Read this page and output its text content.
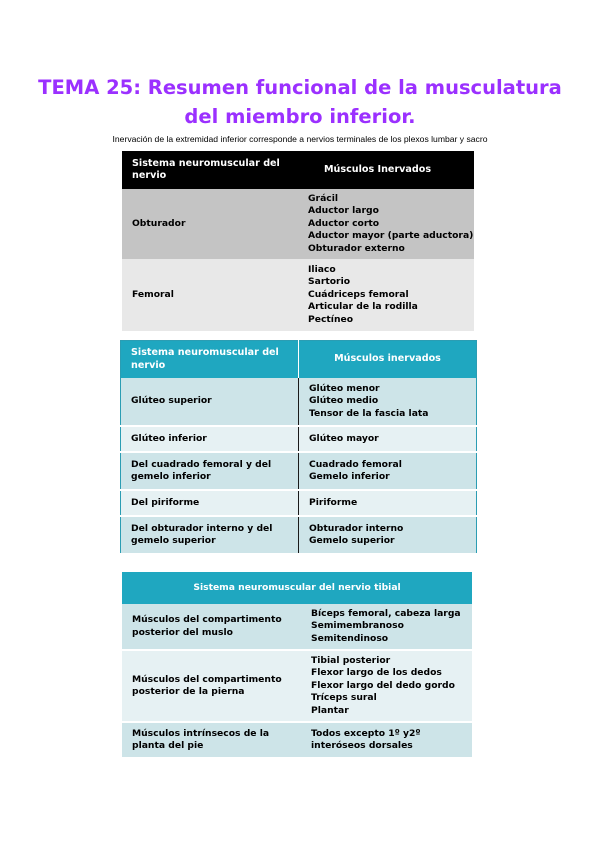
TEMA 25: Resumen funcional de la musculatura
del miembro inferior.

Inervación de la extremidad inferior corresponde a nervios terminales de los plexos lumbar y sacro

Sistema neuromuscular del nervio	Músculos Inervados
Obturador	Grácil
Aductor largo
Aductor corto
Aductor mayor (parte aductora)
Obturador externo

Femoral	Iliaco
Sartorio
Cuádriceps femoral
Articular de la rodilla
Pectíneo
Sistema neuromuscular del nervio	Músculos inervados
Glúteo superior	Glúteo menor
Glúteo medio
Tensor de la fascia lata

Glúteo inferior	Glúteo mayor

Del cuadrado femoral y del gemelo inferior	Cuadrado femoral
Gemelo inferior

Del piriforme	Piriforme

Del obturador interno y del gemelo superior	Obturador interno
Gemelo superior
Sistema neuromuscular del nervio tibial	
Músculos del compartimento posterior del muslo	Bíceps femoral, cabeza larga
Semimembranoso
Semitendinoso

Músculos del compartimento posterior de la pierna	Tibial posterior
Flexor largo de los dedos
Flexor largo del dedo gordo
Tríceps sural
Plantar

Músculos intrínsecos de la planta del pie	Todos excepto 1º y2º interóseos dorsales
